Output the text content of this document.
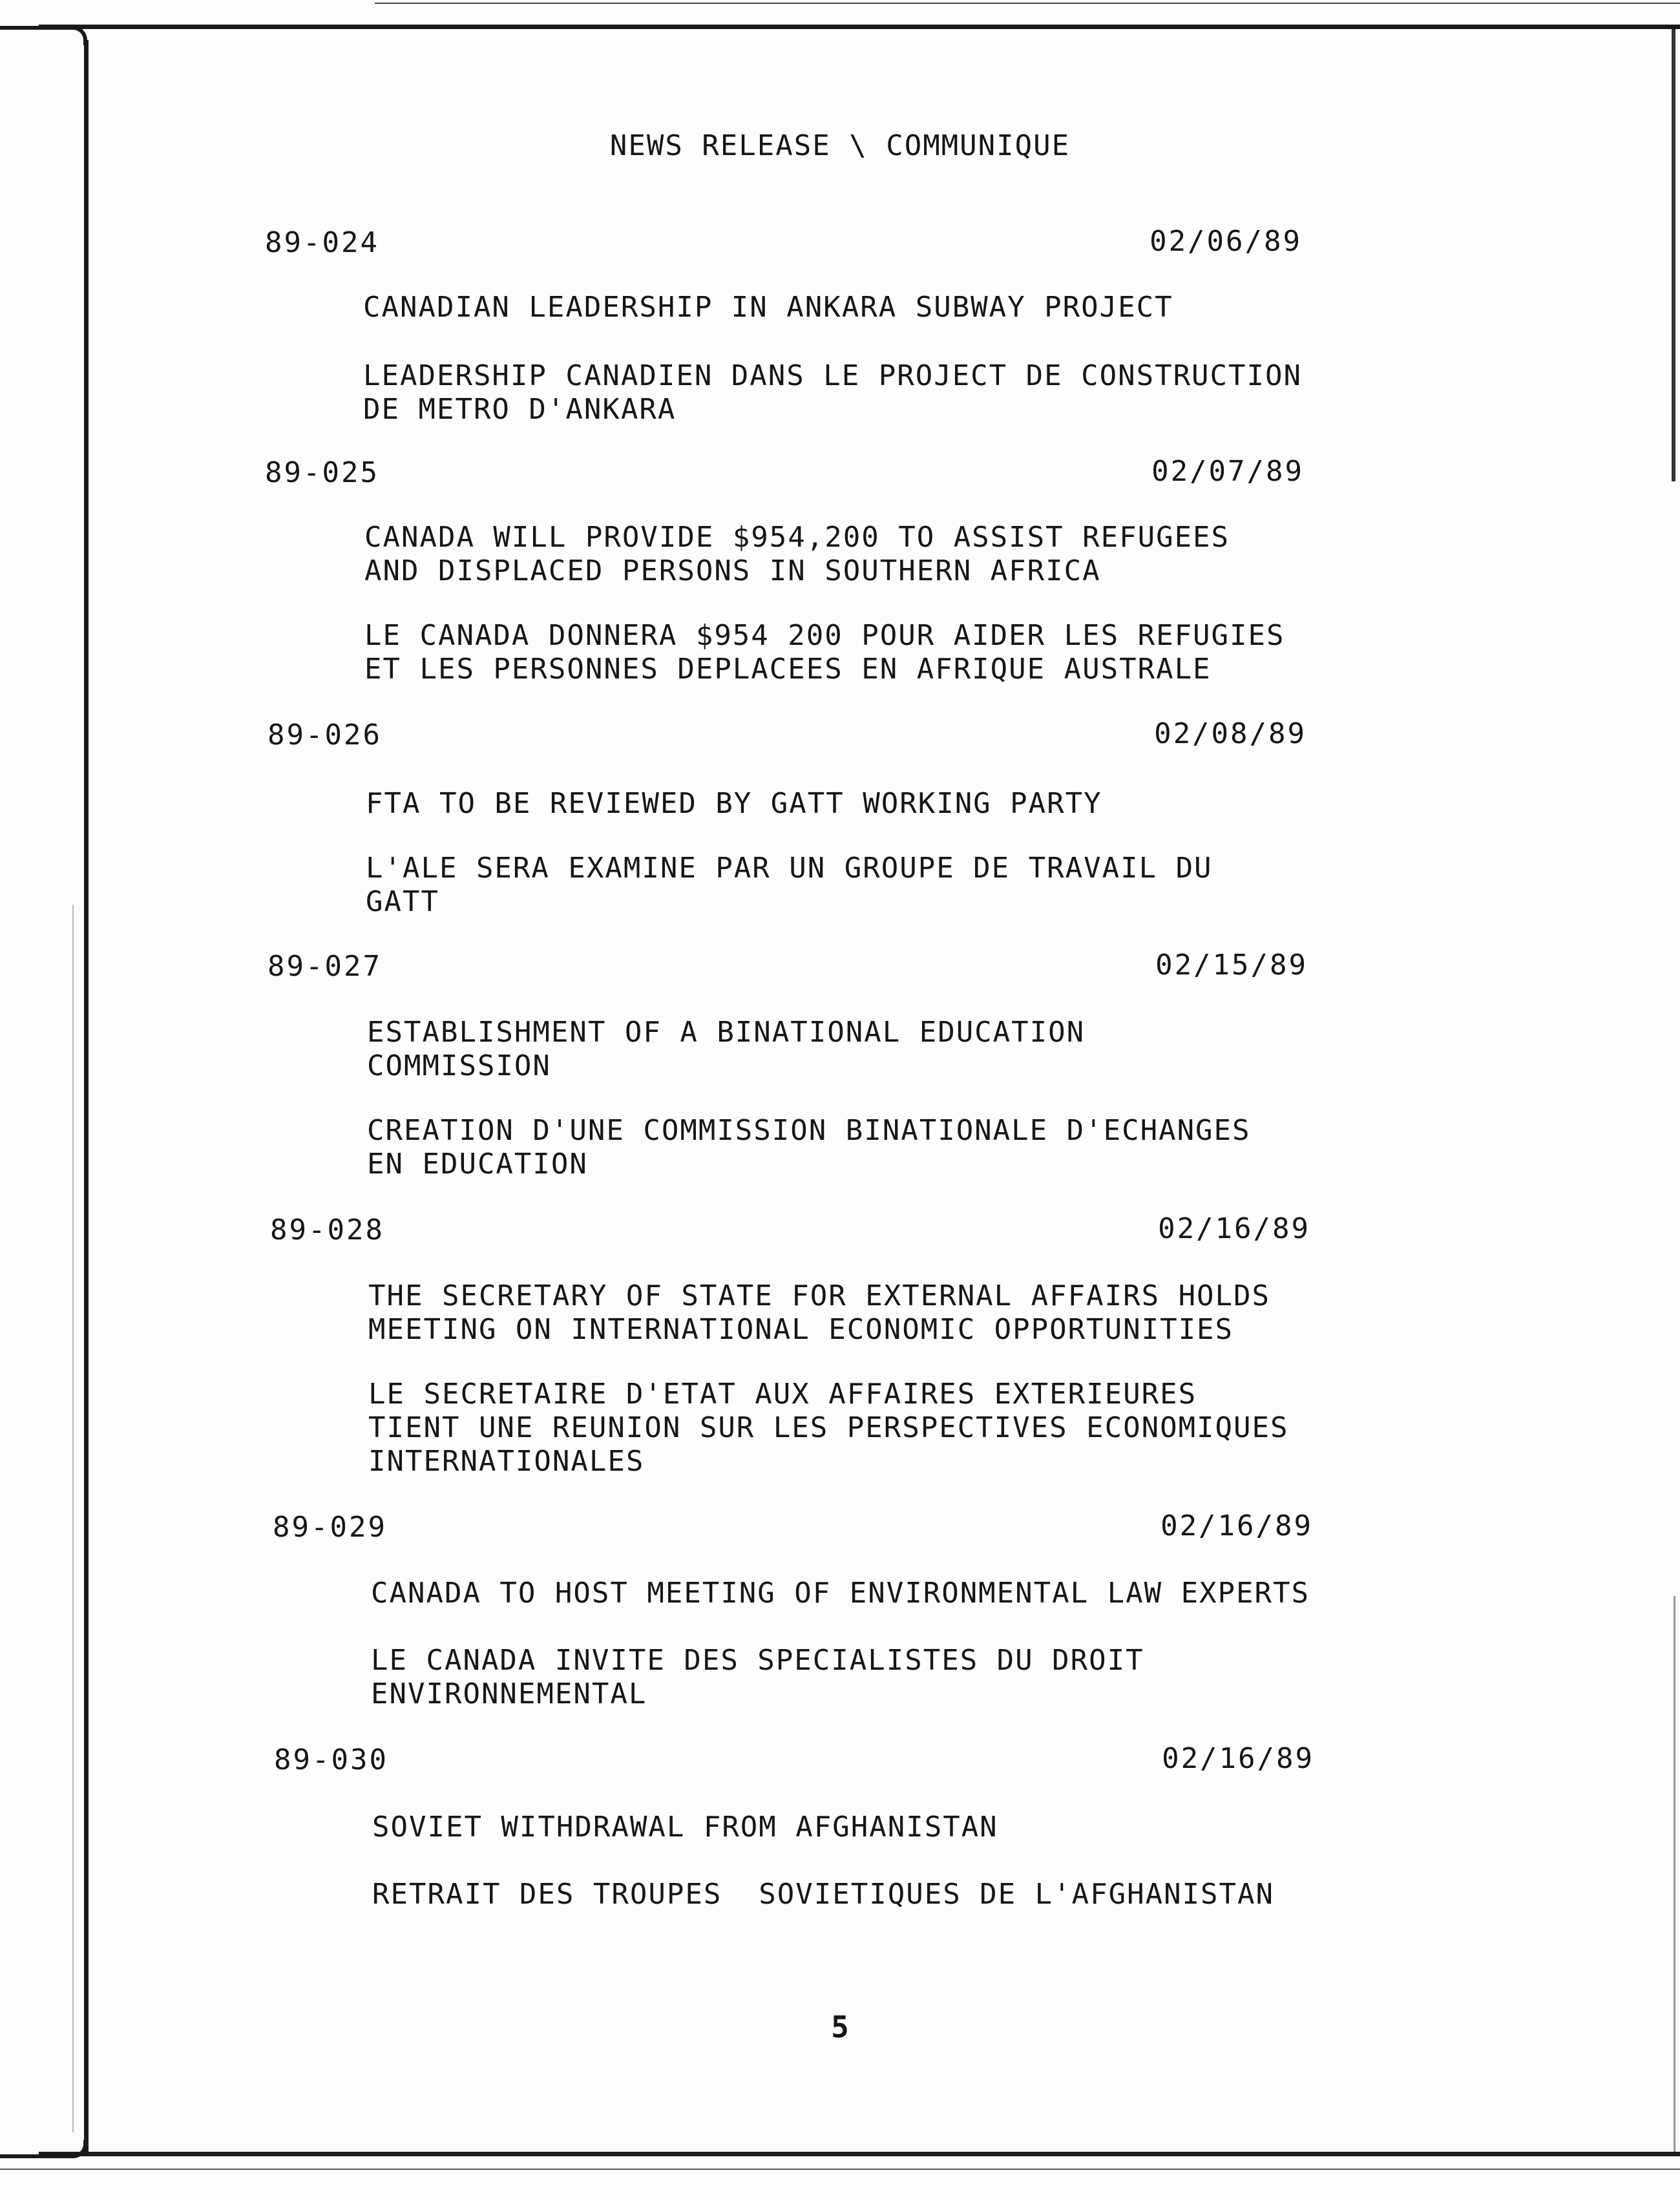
NEWS RELEASE \ COMMUNIQUE
89-024	02/06/89
CANADIAN LEADERSHIP IN ANKARA SUBWAY PROJECT
LEADERSHIP CANADIEN DANS LE PROJECT DE CONSTRUCTION
DE METRO D'ANKARA
89-025	02/07/89
CANADA WILL PROVIDE $954,200 TO ASSIST REFUGEES
AND DISPLACED PERSONS IN SOUTHERN AFRICA
LE CANADA DONNERA $954 200 POUR AIDER LES REFUGIES
ET LES PERSONNES DEPLACEES EN AFRIQUE AUSTRALE
89-026	02/08/89
FTA TO BE REVIEWED BY GATT WORKING PARTY
L'ALE SERA EXAMINE PAR UN GROUPE DE TRAVAIL DU
GATT
89-027	02/15/89
ESTABLISHMENT OF A BINATIONAL EDUCATION
COMMISSION
CREATION D'UNE COMMISSION BINATIONALE D'ECHANGES
EN EDUCATION
89-028	02/16/89
THE SECRETARY OF STATE FOR EXTERNAL AFFAIRS HOLDS
MEETING ON INTERNATIONAL ECONOMIC OPPORTUNITIES
LE SECRETAIRE D'ETAT AUX AFFAIRES EXTERIEURES
TIENT UNE REUNION SUR LES PERSPECTIVES ECONOMIQUES
INTERNATIONALES
89-029	02/16/89
CANADA TO HOST MEETING OF ENVIRONMENTAL LAW EXPERTS
LE CANADA INVITE DES SPECIALISTES DU DROIT
ENVIRONNEMENTAL
89-030	02/16/89
SOVIET WITHDRAWAL FROM AFGHANISTAN
RETRAIT DES TROUPES  SOVIETIQUES DE L'AFGHANISTAN
5
